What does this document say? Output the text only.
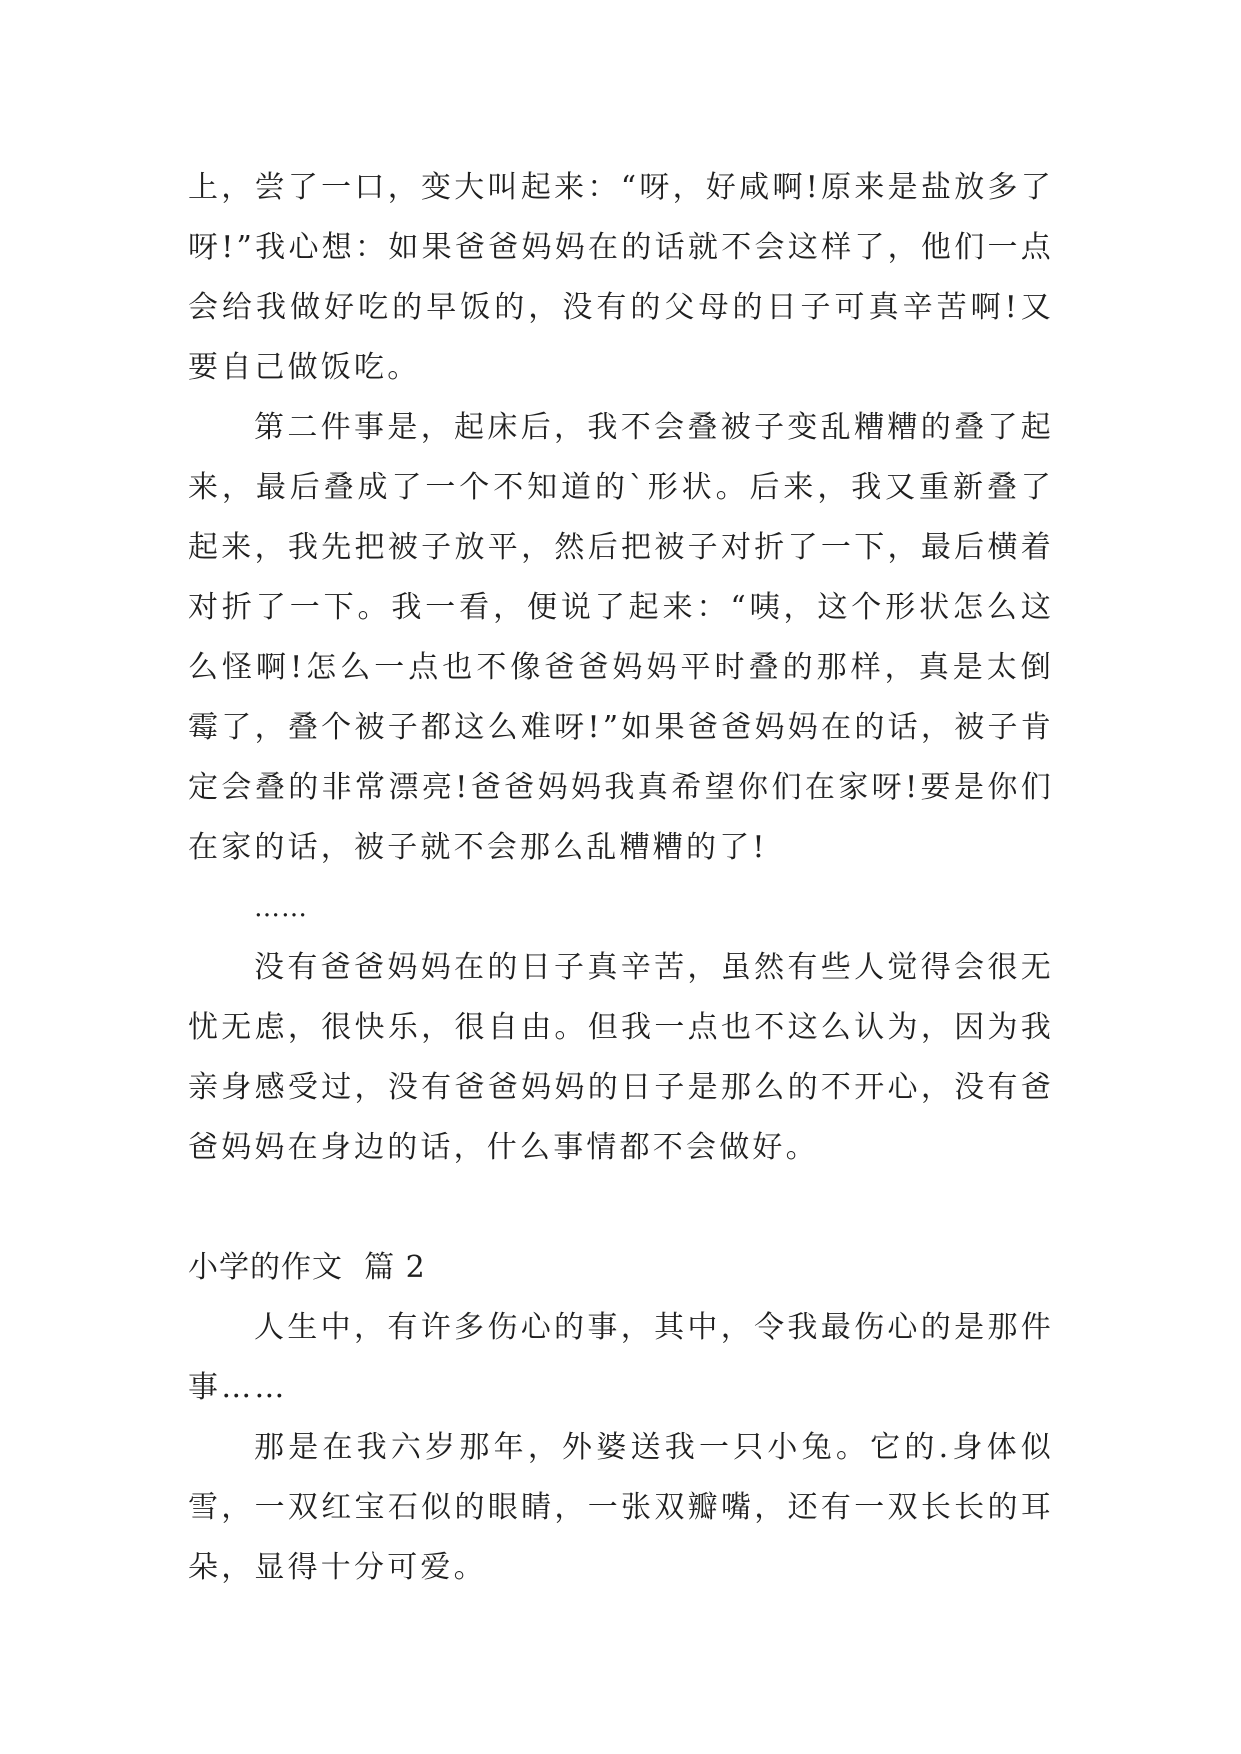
上，尝了一口，变大叫起来：“呀，好咸啊!原来是盐放多了呀!”我心想：如果爸爸妈妈在的话就不会这样了，他们一点会给我做好吃的早饭的，没有的父母的日子可真辛苦啊!又要自己做饭吃。

第二件事是，起床后，我不会叠被子变乱糟糟的叠了起来，最后叠成了一个不知道的`形状。后来，我又重新叠了起来，我先把被子放平，然后把被子对折了一下，最后横着对折了一下。我一看，便说了起来：“咦，这个形状怎么这么怪啊!怎么一点也不像爸爸妈妈平时叠的那样，真是太倒霉了，叠个被子都这么难呀!”如果爸爸妈妈在的话，被子肯定会叠的非常漂亮!爸爸妈妈我真希望你们在家呀!要是你们在家的话，被子就不会那么乱糟糟的了!

……

没有爸爸妈妈在的日子真辛苦，虽然有些人觉得会很无忧无虑，很快乐，很自由。但我一点也不这么认为，因为我亲身感受过，没有爸爸妈妈的日子是那么的不开心，没有爸爸妈妈在身边的话，什么事情都不会做好。

小学的作文  篇 2

人生中，有许多伤心的事，其中，令我最伤心的是那件事……

那是在我六岁那年，外婆送我一只小兔。它的.身体似雪，一双红宝石似的眼睛，一张双瓣嘴，还有一双长长的耳朵，显得十分可爱。
